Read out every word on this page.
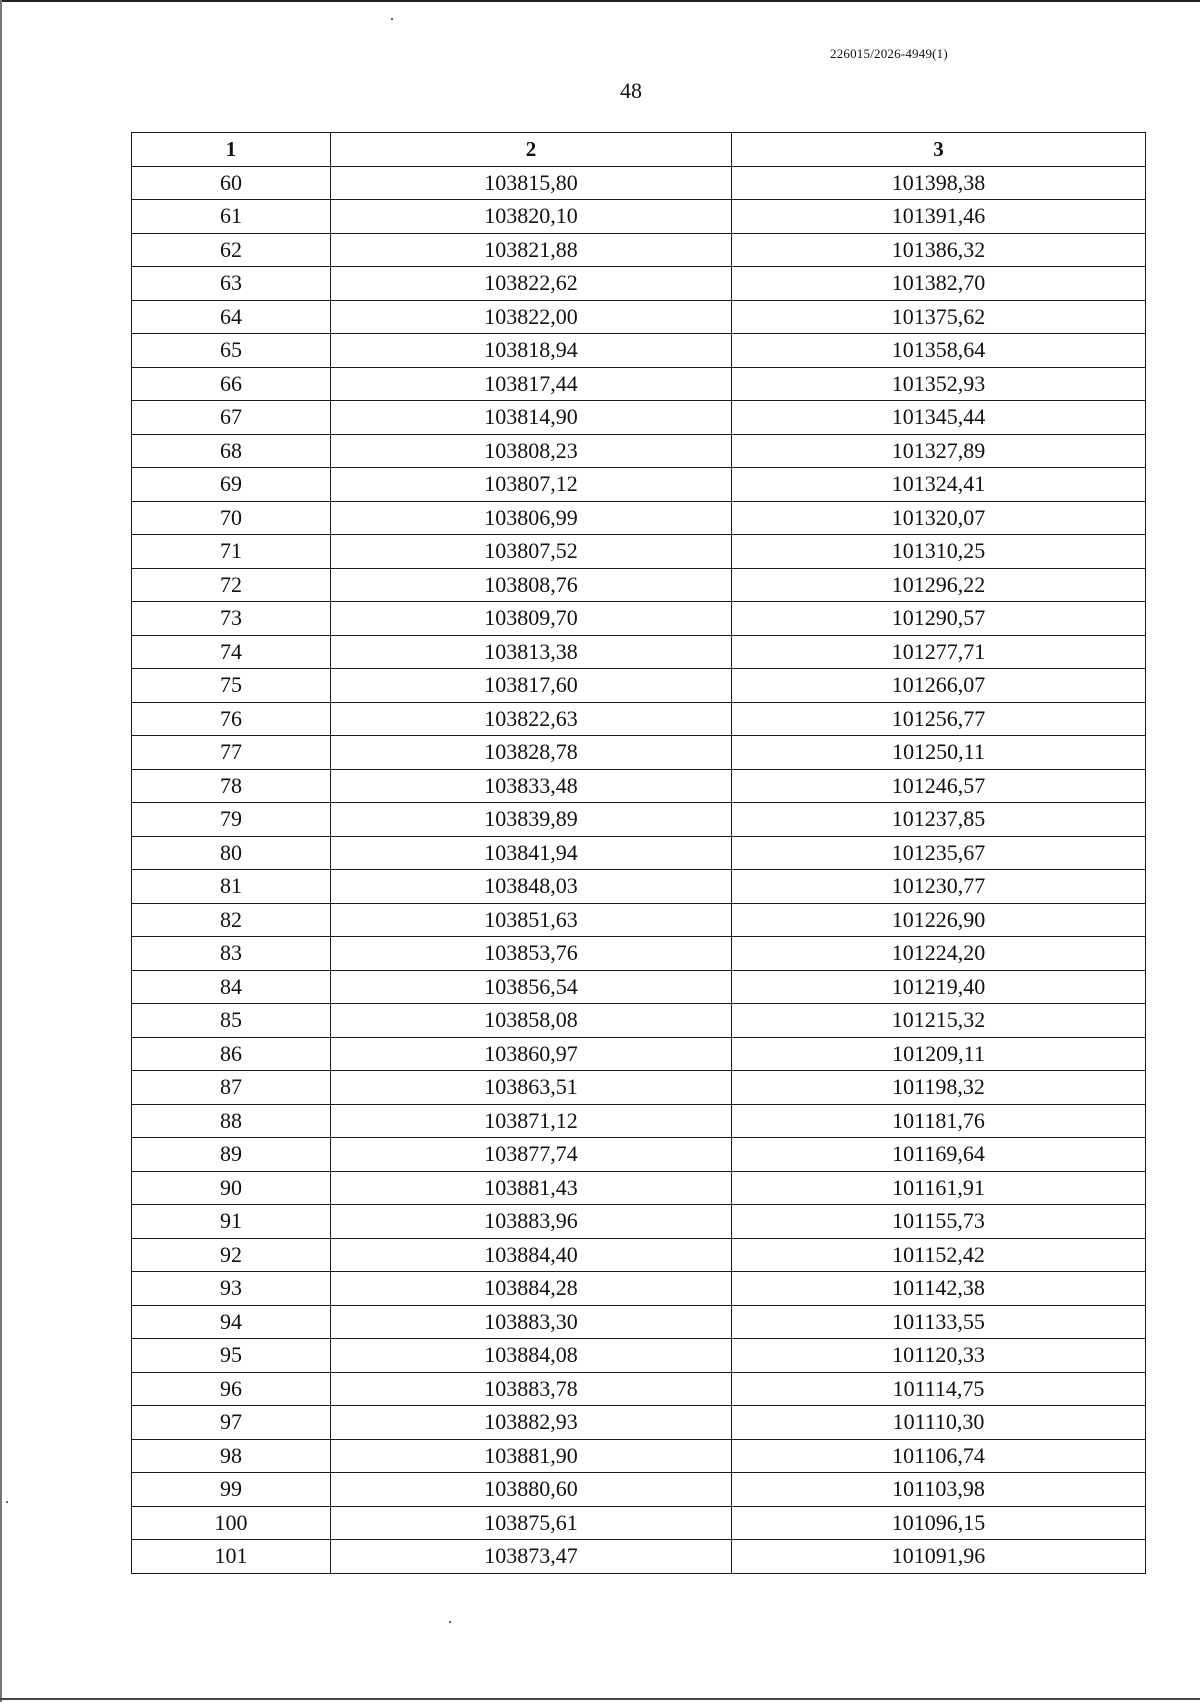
226015/2026-4949(1)
48
1	2	3
60	103815,80	101398,38
61	103820,10	101391,46
62	103821,88	101386,32
63	103822,62	101382,70
64	103822,00	101375,62
65	103818,94	101358,64
66	103817,44	101352,93
67	103814,90	101345,44
68	103808,23	101327,89
69	103807,12	101324,41
70	103806,99	101320,07
71	103807,52	101310,25
72	103808,76	101296,22
73	103809,70	101290,57
74	103813,38	101277,71
75	103817,60	101266,07
76	103822,63	101256,77
77	103828,78	101250,11
78	103833,48	101246,57
79	103839,89	101237,85
80	103841,94	101235,67
81	103848,03	101230,77
82	103851,63	101226,90
83	103853,76	101224,20
84	103856,54	101219,40
85	103858,08	101215,32
86	103860,97	101209,11
87	103863,51	101198,32
88	103871,12	101181,76
89	103877,74	101169,64
90	103881,43	101161,91
91	103883,96	101155,73
92	103884,40	101152,42
93	103884,28	101142,38
94	103883,30	101133,55
95	103884,08	101120,33
96	103883,78	101114,75
97	103882,93	101110,30
98	103881,90	101106,74
99	103880,60	101103,98
100	103875,61	101096,15
101	103873,47	101091,96
